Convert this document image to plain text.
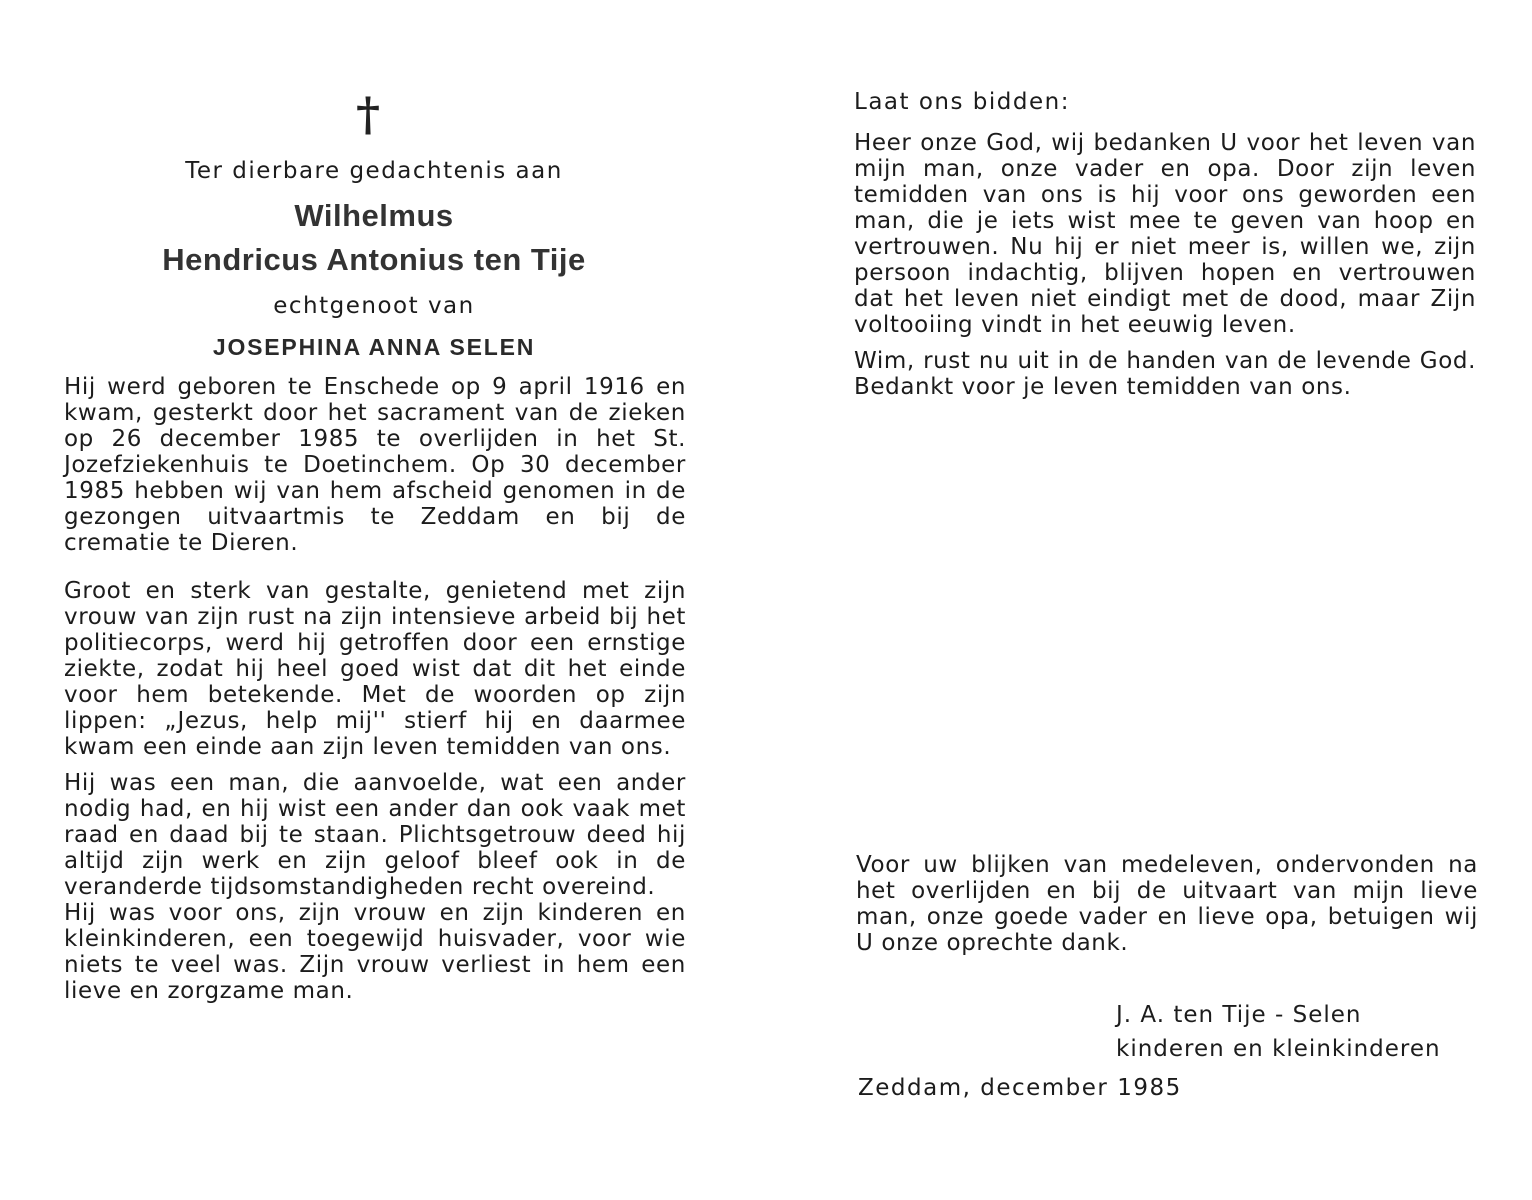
†
Ter dierbare gedachtenis aan
Wilhelmus
Hendricus Antonius ten Tije
echtgenoot van
JOSEPHINA ANNA SELEN

Hij werd geboren te Enschede op 9 april 1916 en kwam, gesterkt door het sacrament van de zieken op 26 december 1985 te overlijden in het St. Jozefziekenhuis te Doetinchem. Op 30 december 1985 hebben wij van hem afscheid genomen in de gezongen uitvaartmis te Zeddam en bij de crematie te Dieren.

Groot en sterk van gestalte, genietend met zijn vrouw van zijn rust na zijn intensieve arbeid bij het politiecorps, werd hij getroffen door een ernstige ziekte, zodat hij heel goed wist dat dit het einde voor hem betekende. Met de woorden op zijn lippen: „Jezus, help mij'' stierf hij en daarmee kwam een einde aan zijn leven temidden van ons.

Hij was een man, die aanvoelde, wat een ander nodig had, en hij wist een ander dan ook vaak met raad en daad bij te staan. Plichtsgetrouw deed hij altijd zijn werk en zijn geloof bleef ook in de veranderde tijdsomstandigheden recht overeind.

Hij was voor ons, zijn vrouw en zijn kinderen en kleinkinderen, een toegewijd huisvader, voor wie niets te veel was. Zijn vrouw verliest in hem een lieve en zorgzame man.

Laat ons bidden:

Heer onze God, wij bedanken U voor het leven van mijn man, onze vader en opa. Door zijn leven temidden van ons is hij voor ons geworden een man, die je iets wist mee te geven van hoop en vertrouwen. Nu hij er niet meer is, willen we, zijn persoon indachtig, blijven hopen en vertrouwen dat het leven niet eindigt met de dood, maar Zijn voltooiing vindt in het eeuwig leven.

Wim, rust nu uit in de handen van de levende God. Bedankt voor je leven temidden van ons.

Voor uw blijken van medeleven, ondervonden na het overlijden en bij de uitvaart van mijn lieve man, onze goede vader en lieve opa, betuigen wij U onze oprechte dank.

J. A. ten Tije - Selen
kinderen en kleinkinderen
Zeddam, december 1985
